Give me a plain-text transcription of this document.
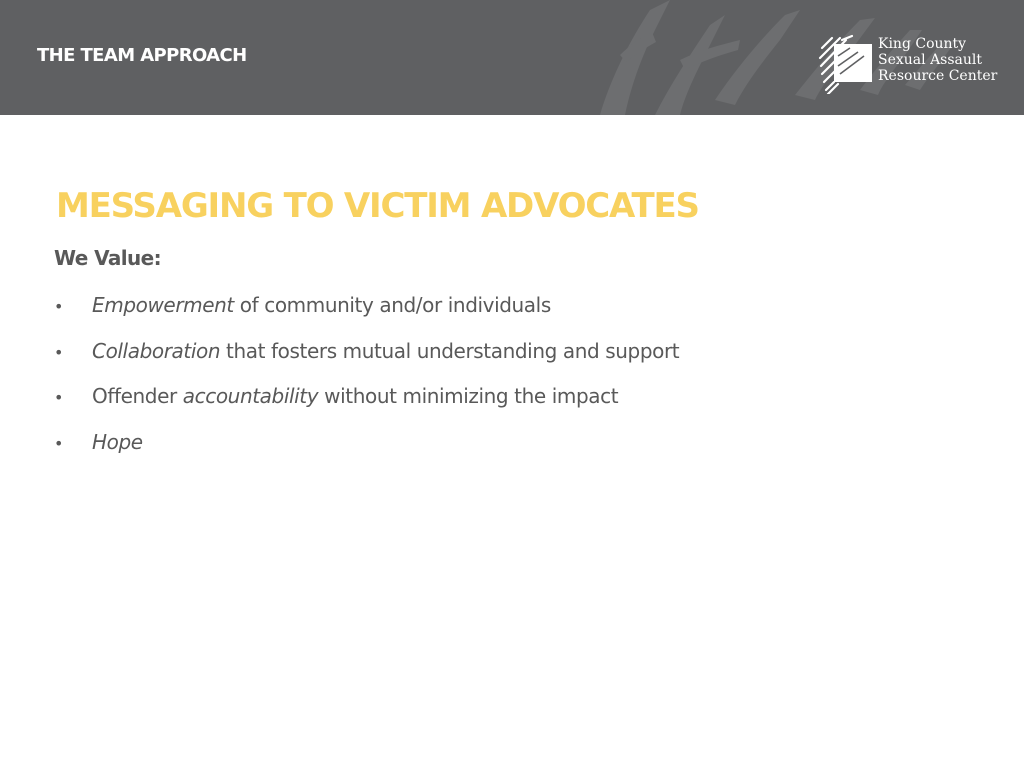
THE TEAM APPROACH
King County
Sexual Assault
Resource Center
MESSAGING TO VICTIM ADVOCATES

We Value:

• Empowerment of community and/or individuals
• Collaboration that fosters mutual understanding and support
• Offender accountability without minimizing the impact
• Hope
